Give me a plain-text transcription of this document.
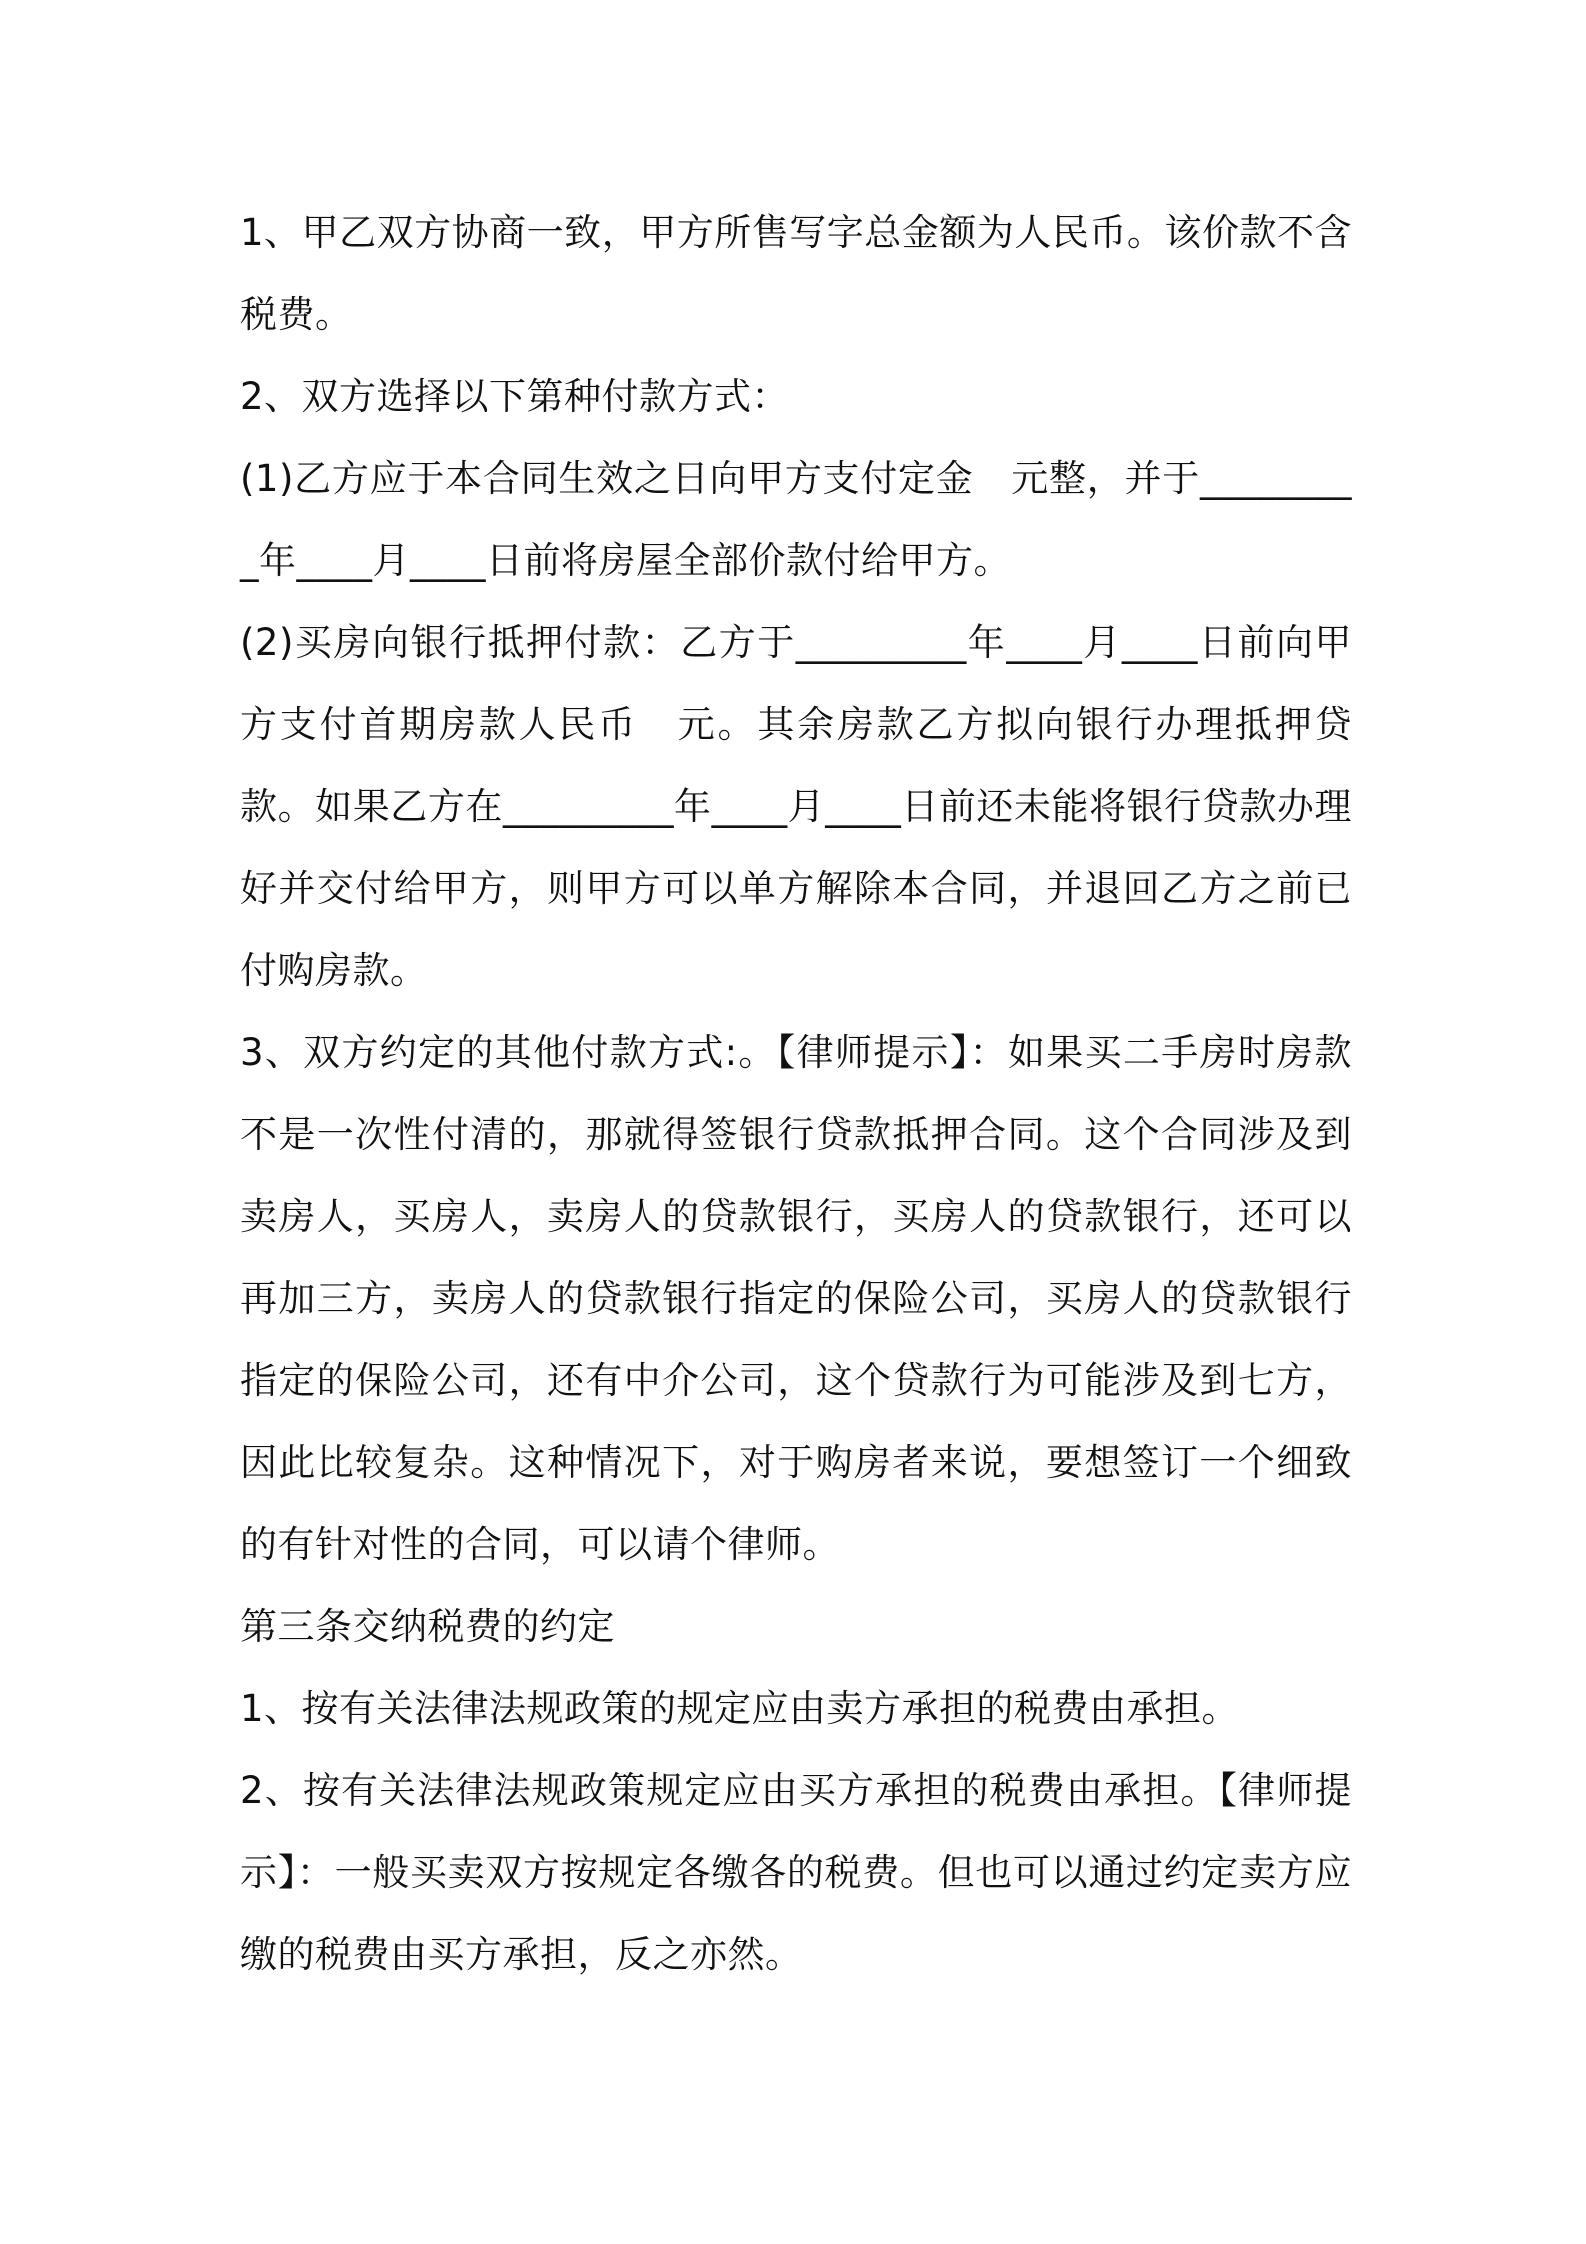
1、甲乙双方协商一致，甲方所售写字总金额为人民币。该价款不含税费。

2、双方选择以下第种付款方式：

(1)乙方应于本合同生效之日向甲方支付定金　元整，并于_________年____月____日前将房屋全部价款付给甲方。

(2)买房向银行抵押付款：乙方于_________年____月____日前向甲方支付首期房款人民币　元。其余房款乙方拟向银行办理抵押贷款。如果乙方在_________年____月____日前还未能将银行贷款办理好并交付给甲方，则甲方可以单方解除本合同，并退回乙方之前已付购房款。

3、双方约定的其他付款方式:。【律师提示】：如果买二手房时房款不是一次性付清的，那就得签银行贷款抵押合同。这个合同涉及到卖房人，买房人，卖房人的贷款银行，买房人的贷款银行，还可以再加三方，卖房人的贷款银行指定的保险公司，买房人的贷款银行指定的保险公司，还有中介公司，这个贷款行为可能涉及到七方，因此比较复杂。这种情况下，对于购房者来说，要想签订一个细致的有针对性的合同，可以请个律师。

第三条交纳税费的约定

1、按有关法律法规政策的规定应由卖方承担的税费由承担。

2、按有关法律法规政策规定应由买方承担的税费由承担。【律师提示】：一般买卖双方按规定各缴各的税费。但也可以通过约定卖方应缴的税费由买方承担，反之亦然。
